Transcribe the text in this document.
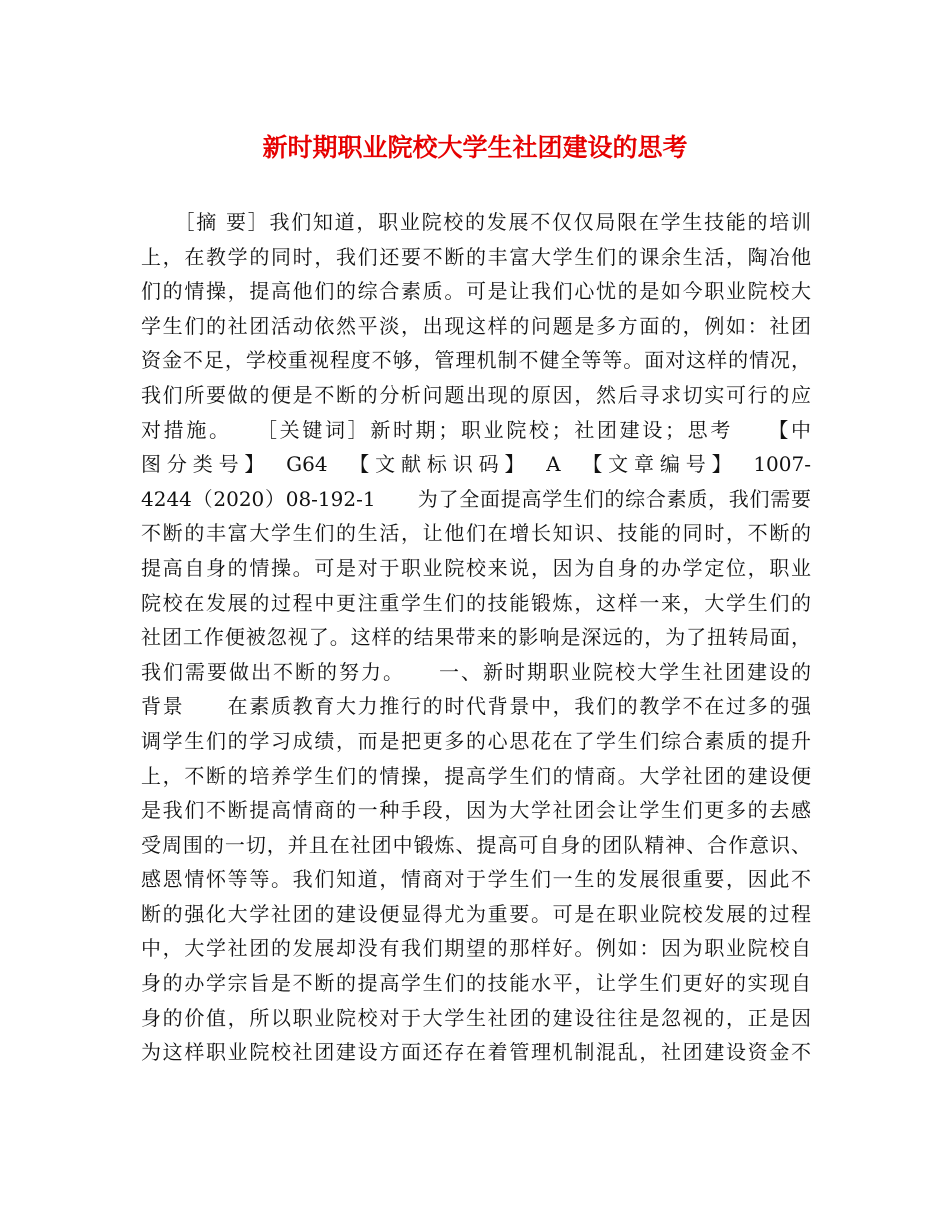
新时期职业院校大学生社团建设的思考
　　［摘 要］我们知道，职业院校的发展不仅仅局限在学生技能的培训
上，在教学的同时，我们还要不断的丰富大学生们的课余生活，陶冶他
们的情操，提高他们的综合素质。可是让我们心忧的是如今职业院校大
学生们的社团活动依然平淡，出现这样的问题是多方面的，例如：社团
资金不足，学校重视程度不够，管理机制不健全等等。面对这样的情况，
我们所要做的便是不断的分析问题出现的原因，然后寻求切实可行的应
对措施。　　［关键词］新时期；职业院校；社团建设；思考　　【中
图分类号】　G64　【文献标识码】　A　【文章编号】　1007-
4244（2020）08-192-1　　为了全面提高学生们的综合素质，我们需要
不断的丰富大学生们的生活，让他们在增长知识、技能的同时，不断的
提高自身的情操。可是对于职业院校来说，因为自身的办学定位，职业
院校在发展的过程中更注重学生们的技能锻炼，这样一来，大学生们的
社团工作便被忽视了。这样的结果带来的影响是深远的，为了扭转局面，
我们需要做出不断的努力。　　一、新时期职业院校大学生社团建设的
背景　　在素质教育大力推行的时代背景中，我们的教学不在过多的强
调学生们的学习成绩，而是把更多的心思花在了学生们综合素质的提升
上，不断的培养学生们的情操，提高学生们的情商。大学社团的建设便
是我们不断提高情商的一种手段，因为大学社团会让学生们更多的去感
受周围的一切，并且在社团中锻炼、提高可自身的团队精神、合作意识、
感恩情怀等等。我们知道，情商对于学生们一生的发展很重要，因此不
断的强化大学社团的建设便显得尤为重要。可是在职业院校发展的过程
中，大学社团的发展却没有我们期望的那样好。例如：因为职业院校自
身的办学宗旨是不断的提高学生们的技能水平，让学生们更好的实现自
身的价值，所以职业院校对于大学生社团的建设往往是忽视的，正是因
为这样职业院校社团建设方面还存在着管理机制混乱，社团建设资金不
